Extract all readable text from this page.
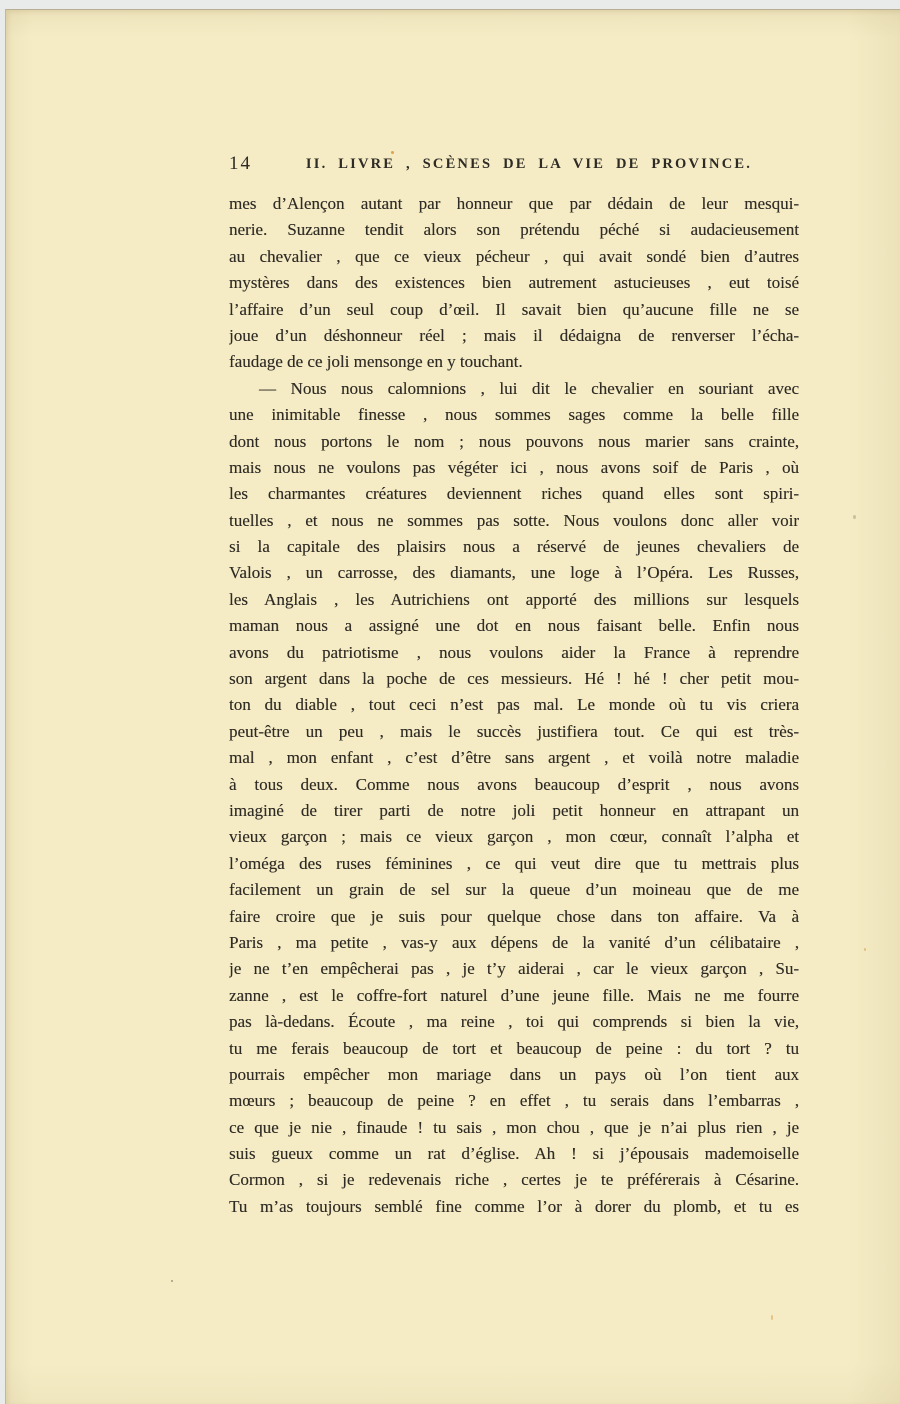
14	II. LIVRE , SCÈNES DE LA VIE DE PROVINCE.
mes d’Alençon autant par honneur que par dédain de leur mesqui-
nerie. Suzanne tendit alors son prétendu péché si audacieusement
au chevalier , que ce vieux pécheur , qui avait sondé bien d’autres
mystères dans des existences bien autrement astucieuses , eut toisé
l’affaire d’un seul coup d’œil. Il savait bien qu’aucune fille ne se
joue d’un déshonneur réel ; mais il dédaigna de renverser l’écha-
faudage de ce joli mensonge en y touchant.
— Nous nous calomnions , lui dit le chevalier en souriant avec
une inimitable finesse , nous sommes sages comme la belle fille
dont nous portons le nom ; nous pouvons nous marier sans crainte,
mais nous ne voulons pas végéter ici , nous avons soif de Paris , où
les charmantes créatures deviennent riches quand elles sont spiri-
tuelles , et nous ne sommes pas sotte. Nous voulons donc aller voir
si la capitale des plaisirs nous a réservé de jeunes chevaliers de
Valois , un carrosse, des diamants, une loge à l’Opéra. Les Russes,
les Anglais , les Autrichiens ont apporté des millions sur lesquels
maman nous a assigné une dot en nous faisant belle. Enfin nous
avons du patriotisme , nous voulons aider la France à reprendre
son argent dans la poche de ces messieurs. Hé ! hé ! cher petit mou-
ton du diable , tout ceci n’est pas mal. Le monde où tu vis criera
peut-être un peu , mais le succès justifiera tout. Ce qui est très-
mal , mon enfant , c’est d’être sans argent , et voilà notre maladie
à tous deux. Comme nous avons beaucoup d’esprit , nous avons
imaginé de tirer parti de notre joli petit honneur en attrapant un
vieux garçon ; mais ce vieux garçon , mon cœur, connaît l’alpha et
l’oméga des ruses féminines , ce qui veut dire que tu mettrais plus
facilement un grain de sel sur la queue d’un moineau que de me
faire croire que je suis pour quelque chose dans ton affaire. Va à
Paris , ma petite , vas-y aux dépens de la vanité d’un célibataire ,
je ne t’en empêcherai pas , je t’y aiderai , car le vieux garçon , Su-
zanne , est le coffre-fort naturel d’une jeune fille. Mais ne me fourre
pas là-dedans. Écoute , ma reine , toi qui comprends si bien la vie,
tu me ferais beaucoup de tort et beaucoup de peine : du tort ? tu
pourrais empêcher mon mariage dans un pays où l’on tient aux
mœurs ; beaucoup de peine ? en effet , tu serais dans l’embarras ,
ce que je nie , finaude ! tu sais , mon chou , que je n’ai plus rien , je
suis gueux comme un rat d’église. Ah ! si j’épousais mademoiselle
Cormon , si je redevenais riche , certes je te préférerais à Césarine.
Tu m’as toujours semblé fine comme l’or à dorer du plomb, et tu es
